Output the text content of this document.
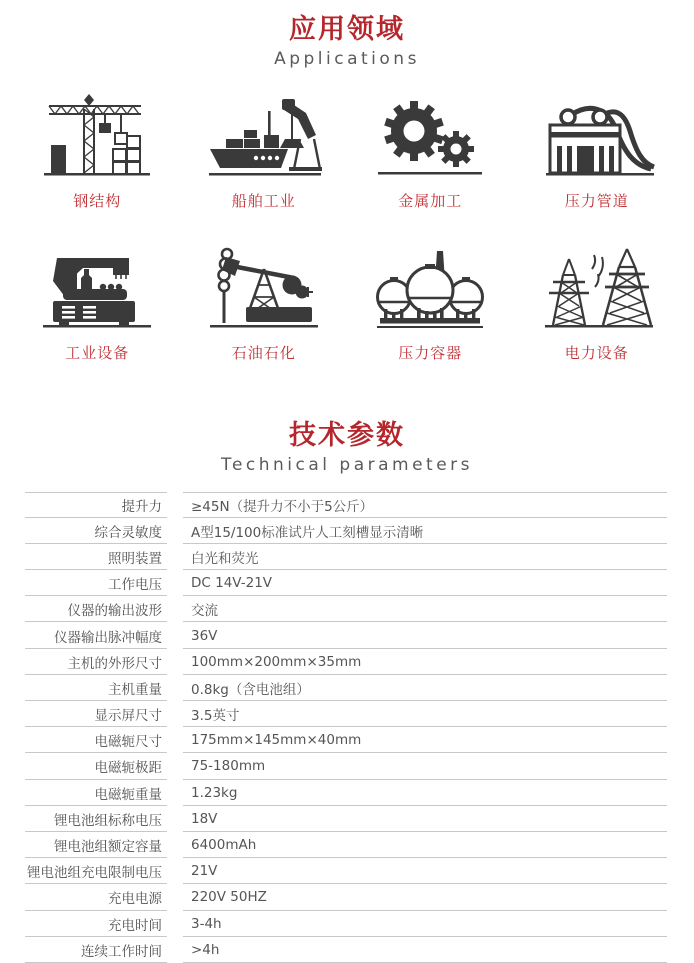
应用领域
Applications
钢结构	船舶工业	金属加工	压力管道
工业设备	石油石化	压力容器	电力设备
技术参数
Technical parameters
提升力 ≥45N（提升力不小于5公斤）
综合灵敏度 A型15/100标准试片人工刻槽显示清晰
照明装置 白光和荧光
工作电压 DC 14V-21V
仪器的输出波形 交流
仪器输出脉冲幅度 36V
主机的外形尺寸 100mm×200mm×35mm
主机重量 0.8kg（含电池组）
显示屏尺寸 3.5英寸
电磁轭尺寸 175mm×145mm×40mm
电磁轭极距 75-180mm
电磁轭重量 1.23kg
锂电池组标称电压 18V
锂电池组额定容量 6400mAh
锂电池组充电限制电压 21V
充电电源 220V 50HZ
充电时间 3-4h
连续工作时间 >4h
